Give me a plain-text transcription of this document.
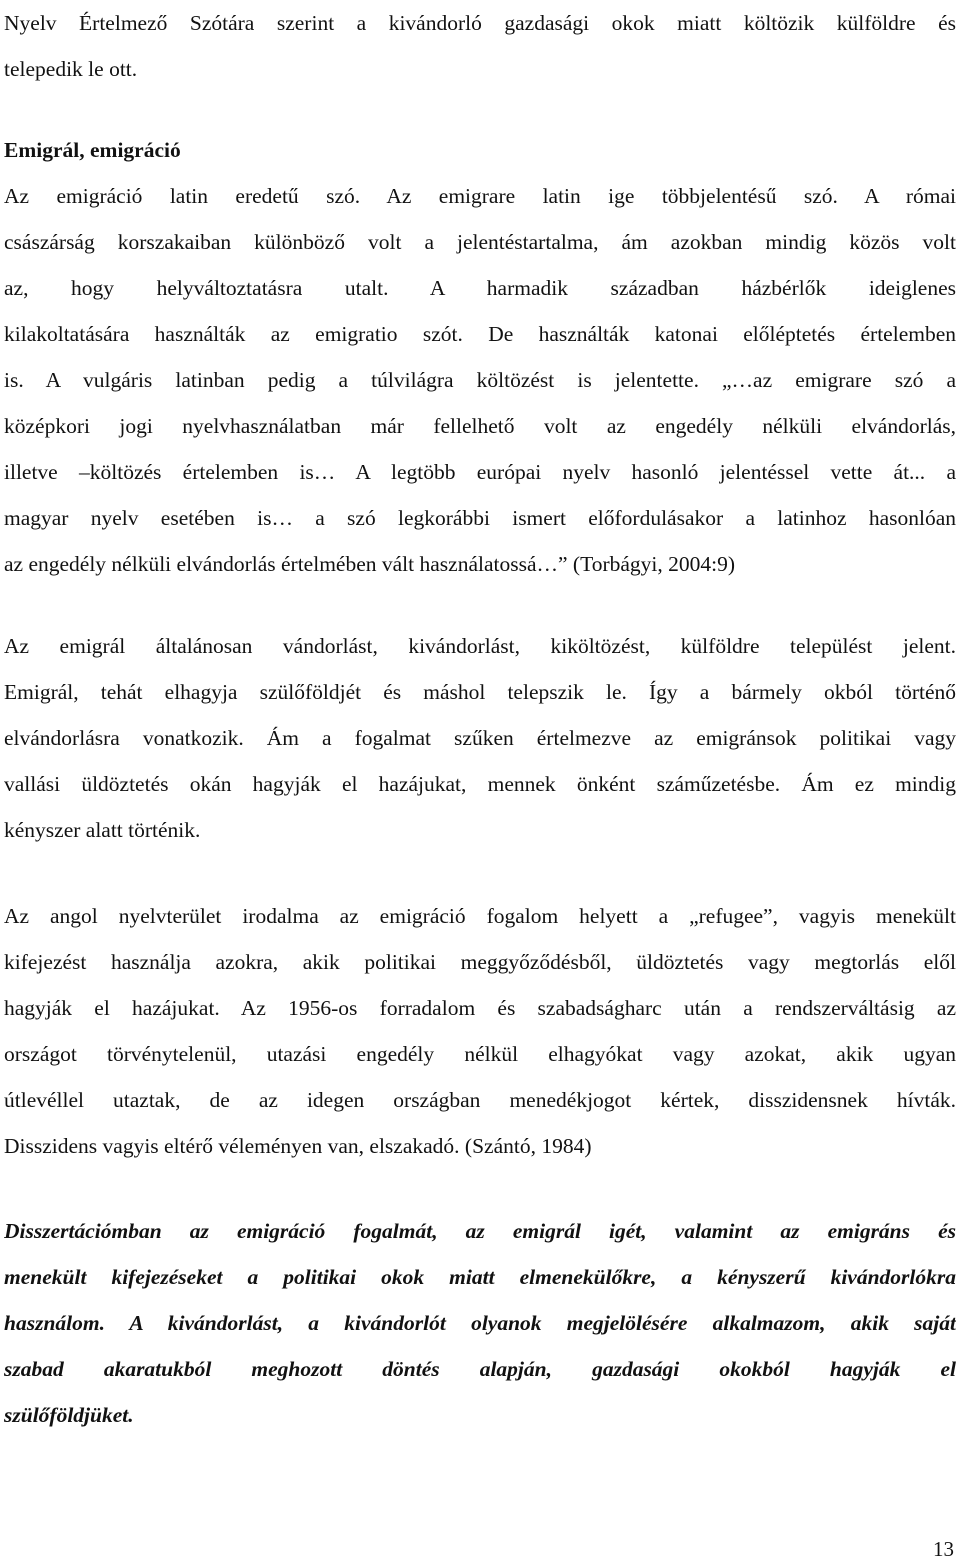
Nyelv Értelmező Szótára szerint a kivándorló gazdasági okok miatt költözik külföldre és
telepedik le ott.
Emigrál, emigráció
Az emigráció latin eredetű szó. Az emigrare latin ige többjelentésű szó. A római
császárság korszakaiban különböző volt a jelentéstartalma, ám azokban mindig közös volt
az, hogy helyváltoztatásra utalt. A harmadik században házbérlők ideiglenes
kilakoltatására használták az emigratio szót. De használták katonai előléptetés értelemben
is. A vulgáris latinban pedig a túlvilágra költözést is jelentette. „…az emigrare szó a
középkori jogi nyelvhasználatban már fellelhető volt az engedély nélküli elvándorlás,
illetve –költözés értelemben is… A legtöbb európai nyelv hasonló jelentéssel vette át... a
magyar nyelv esetében is… a szó legkorábbi ismert előfordulásakor a latinhoz hasonlóan
az engedély nélküli elvándorlás értelmében vált használatossá…” (Torbágyi, 2004:9)
Az emigrál általánosan vándorlást, kivándorlást, kiköltözést, külföldre települést jelent.
Emigrál, tehát elhagyja szülőföldjét és máshol telepszik le. Így a bármely okból történő
elvándorlásra vonatkozik. Ám a fogalmat szűken értelmezve az emigránsok politikai vagy
vallási üldöztetés okán hagyják el hazájukat, mennek önként száműzetésbe. Ám ez mindig
kényszer alatt történik.
Az angol nyelvterület irodalma az emigráció fogalom helyett a „refugee”, vagyis menekült
kifejezést használja azokra, akik politikai meggyőződésből, üldöztetés vagy megtorlás elől
hagyják el hazájukat. Az 1956-os forradalom és szabadságharc után a rendszerváltásig az
országot törvénytelenül, utazási engedély nélkül elhagyókat vagy azokat, akik ugyan
útlevéllel utaztak, de az idegen országban menedékjogot kértek, disszidensnek hívták.
Disszidens vagyis eltérő véleményen van, elszakadó. (Szántó, 1984)
Disszertációmban az emigráció fogalmát, az emigrál igét, valamint az emigráns és
menekült kifejezéseket a politikai okok miatt elmenekülőkre, a kényszerű kivándorlókra
használom. A kivándorlást, a kivándorlót olyanok megjelölésére alkalmazom, akik saját
szabad akaratukból meghozott döntés alapján, gazdasági okokból hagyják el
szülőföldjüket.
13
